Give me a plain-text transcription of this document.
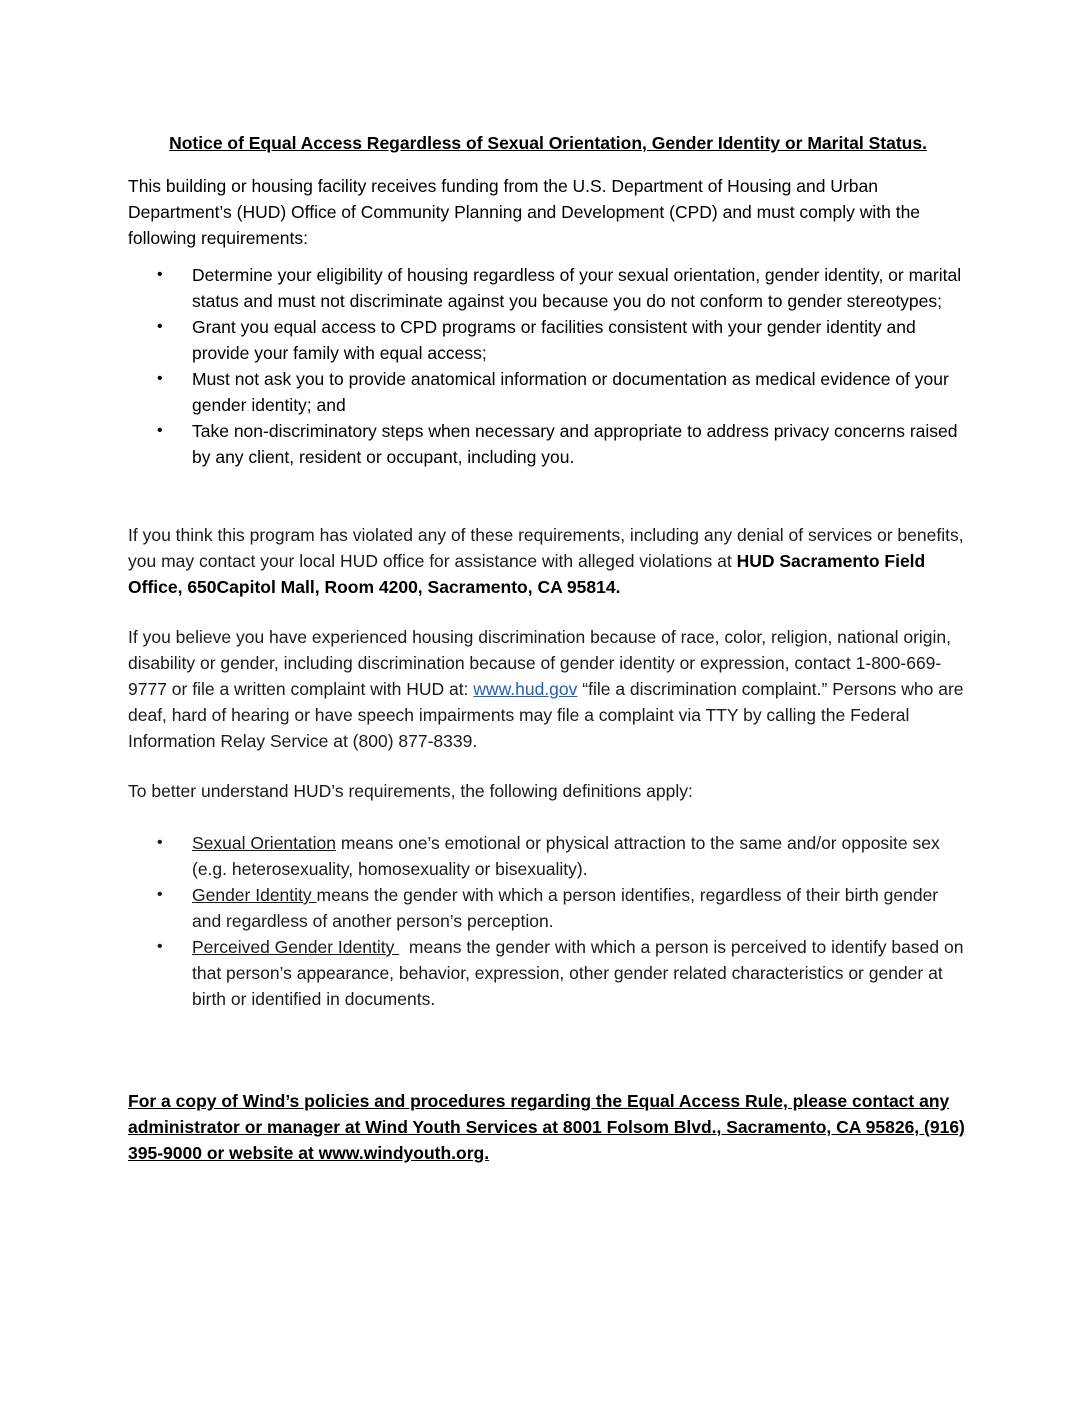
Notice of Equal Access Regardless of Sexual Orientation, Gender Identity or Marital Status.
This building or housing facility receives funding from the U.S. Department of Housing and Urban Department’s (HUD) Office of Community Planning and Development (CPD) and must comply with the following requirements:
• Determine your eligibility of housing regardless of your sexual orientation, gender identity, or marital status and must not discriminate against you because you do not conform to gender stereotypes;
• Grant you equal access to CPD programs or facilities consistent with your gender identity and provide your family with equal access;
• Must not ask you to provide anatomical information or documentation as medical evidence of your gender identity; and
• Take non-discriminatory steps when necessary and appropriate to address privacy concerns raised by any client, resident or occupant, including you.
If you think this program has violated any of these requirements, including any denial of services or benefits, you may contact your local HUD office for assistance with alleged violations at HUD Sacramento Field Office, 650Capitol Mall, Room 4200, Sacramento, CA 95814.
If you believe you have experienced housing discrimination because of race, color, religion, national origin, disability or gender, including discrimination because of gender identity or expression, contact 1-800-669-9777 or file a written complaint with HUD at: www.hud.gov “file a discrimination complaint.” Persons who are deaf, hard of hearing or have speech impairments may file a complaint via TTY by calling the Federal Information Relay Service at (800) 877-8339.
To better understand HUD’s requirements, the following definitions apply:
• Sexual Orientation means one’s emotional or physical attraction to the same and/or opposite sex (e.g. heterosexuality, homosexuality or bisexuality).
• Gender Identity means the gender with which a person identifies, regardless of their birth gender and regardless of another person’s perception.
• Perceived Gender Identity   means the gender with which a person is perceived to identify based on that person’s appearance, behavior, expression, other gender related characteristics or gender at birth or identified in documents.
For a copy of Wind’s policies and procedures regarding the Equal Access Rule, please contact any administrator or manager at Wind Youth Services at 8001 Folsom Blvd., Sacramento, CA 95826, (916) 395-9000 or website at www.windyouth.org.
